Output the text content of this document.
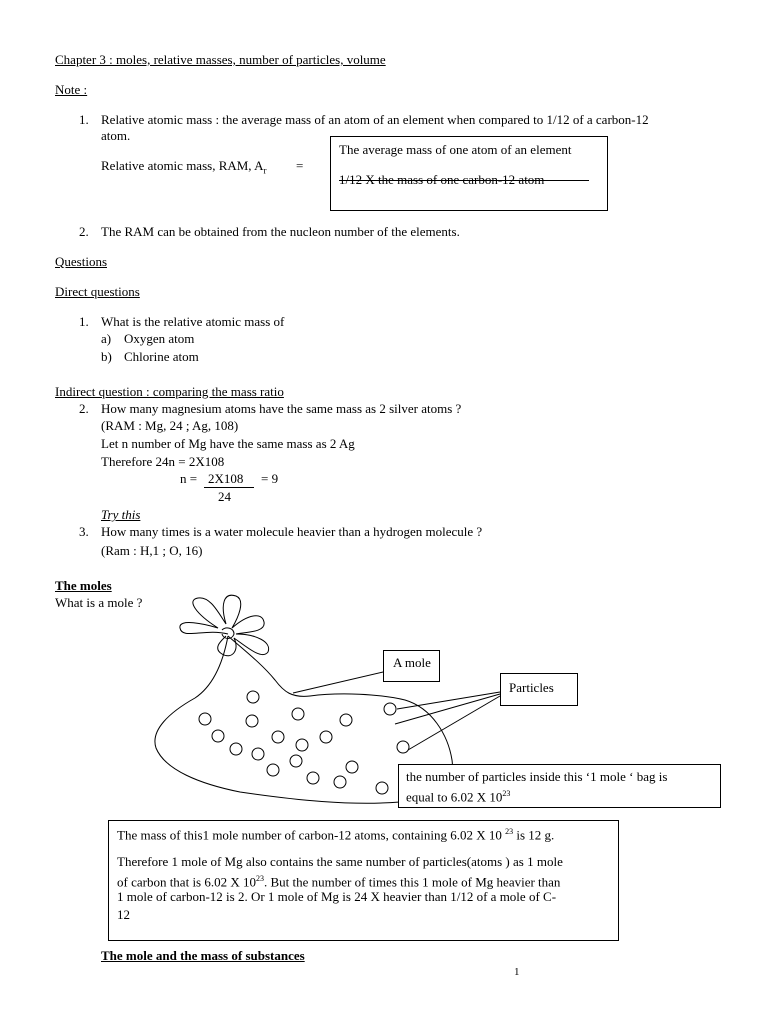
Chapter 3 : moles, relative masses, number of particles, volume
Note :
1. Relative atomic mass : the average mass of an atom of an element when compared to 1/12 of a carbon-12
atom.
Relative atomic mass, RAM, $A_r$ =
The average mass of one atom of an element
1/12 X the mass of one carbon-12 atom
2. The RAM can be obtained from the nucleon number of the elements.
Questions
Direct questions
1. What is the relative atomic mass of
a) Oxygen atom
b) Chlorine atom
Indirect question : comparing the mass ratio
2. How many magnesium atoms have the same mass as 2 silver atoms ?
(RAM : Mg, 24 ; Ag, 108)
Let n number of Mg have the same mass as 2 Ag
Therefore 24n = 2X108
n = 2X108 = 9
24
Try this
3. How many times is a water molecule heavier than a hydrogen molecule ?
(Ram : H,1 ; O, 16)
The moles
What is a mole ?
A mole
Particles
the number of particles inside this ‘1 mole ‘ bag is
equal to 6.02 X $10^{23}$
The mass of this1 mole number of carbon-12 atoms, containing 6.02 X 10 $^{23}$ is 12 g.
Therefore 1 mole of Mg also contains the same number of particles(atoms ) as 1 mole
of carbon that is 6.02 X $10^{23}$. But the number of times this 1 mole of Mg heavier than
1 mole of carbon-12 is 2. Or 1 mole of Mg is 24 X heavier than 1/12 of a mole of C-
12
The mole and the mass of substances
1
